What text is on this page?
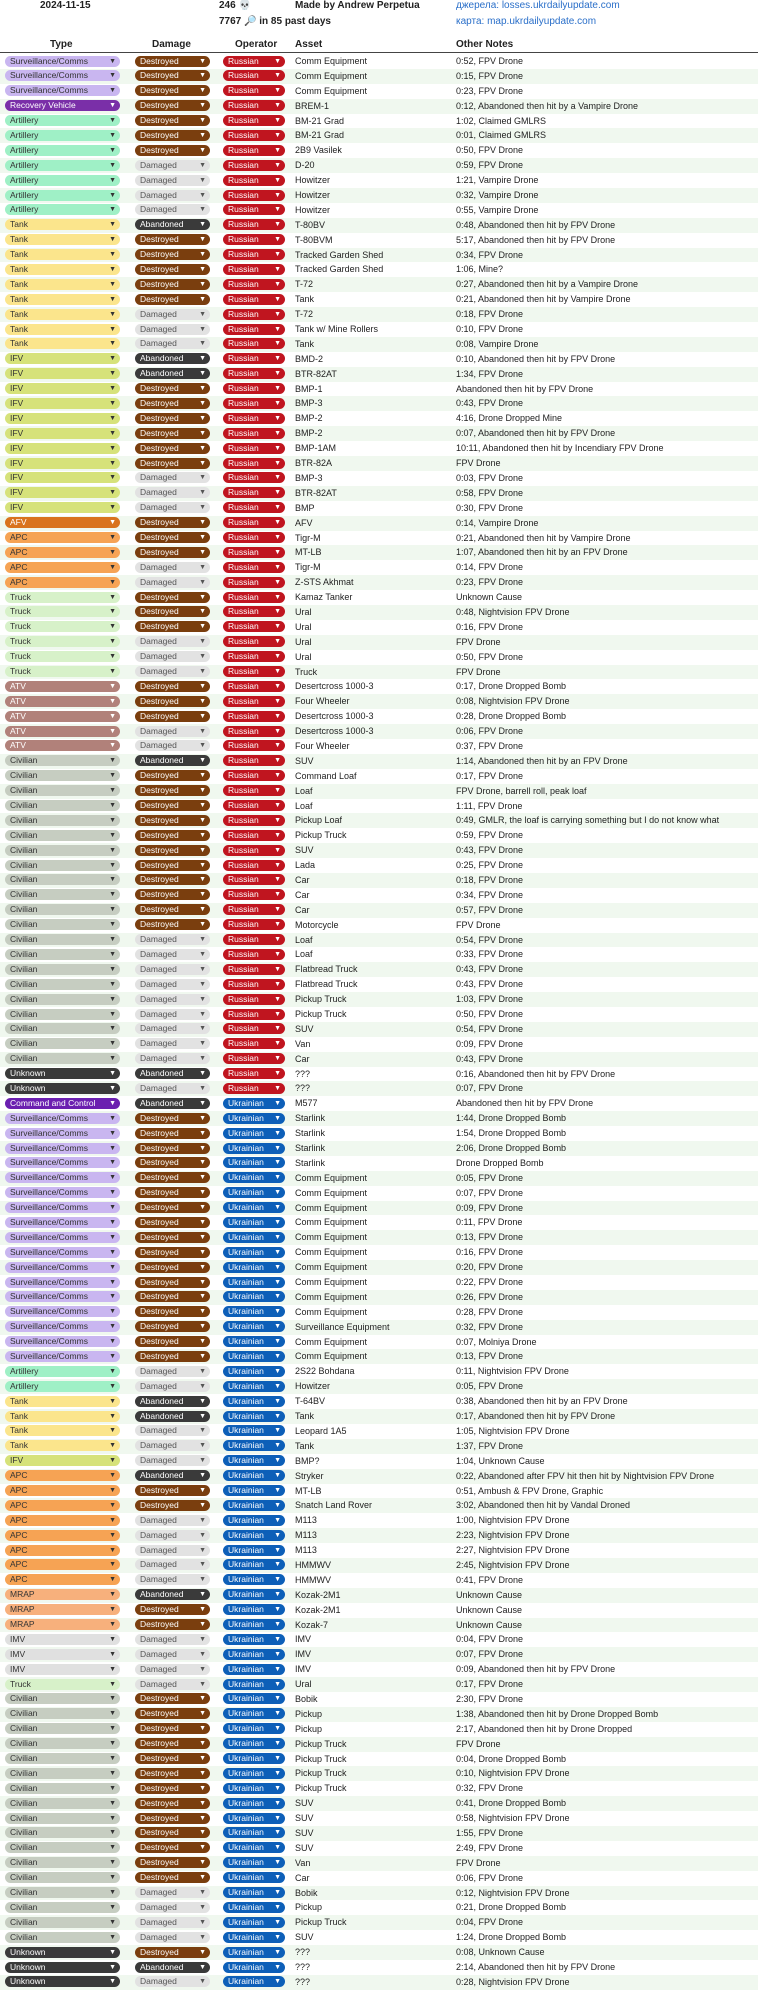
2024-11-15	246 💀
7767 🔎 in 85 past days
Made by Andrew Perpetua	джерела: losses.ukrdailyupdate.com
карта: map.ukrdailyupdate.com
Type	Damage	Operator Asset	Other Notes
Surveillance/Comms	▼	Destroyed	▼	Russian ▼ Comm Equipment	0:52, FPV Drone
Surveillance/Comms	▼	Destroyed	▼	Russian ▼ Comm Equipment	0:15, FPV Drone
Surveillance/Comms	▼	Destroyed	▼	Russian ▼ Comm Equipment	0:23, FPV Drone
Recovery Vehicle	▼	Destroyed	▼	Russian ▼ BREM-1	0:12, Abandoned then hit by a Vampire Drone
Artillery	▼	Destroyed	▼	Russian ▼ BM-21 Grad	1:02, Claimed GMLRS
Artillery	▼	Destroyed	▼	Russian ▼ BM-21 Grad	0:01, Claimed GMLRS
Artillery	▼	Destroyed	▼	Russian ▼ 2B9 Vasilek	0:50, FPV Drone
Artillery	▼	Damaged	▼	Russian ▼ D-20	0:59, FPV Drone
Artillery	▼	Damaged	▼	Russian ▼ Howitzer	1:21, Vampire Drone
Artillery	▼	Damaged	▼	Russian ▼ Howitzer	0:32, Vampire Drone
Artillery	▼	Damaged	▼	Russian ▼ Howitzer	0:55, Vampire Drone
Tank	▼	Abandoned ▼	Russian ▼ T-80BV	0:48, Abandoned then hit by FPV Drone
Tank	▼	Destroyed	▼	Russian ▼ T-80BVM	5:17, Abandoned then hit by FPV Drone
Tank	▼	Destroyed	▼	Russian ▼ Tracked Garden Shed	0:34, FPV Drone
Tank	▼	Destroyed	▼	Russian ▼ Tracked Garden Shed	1:06, Mine?
Tank	▼	Destroyed	▼	Russian ▼ T-72	0:27, Abandoned then hit by a Vampire Drone
Tank	▼	Destroyed	▼	Russian ▼ Tank	0:21, Abandoned then hit by Vampire Drone
Tank	▼	Damaged	▼	Russian ▼ T-72	0:18, FPV Drone
Tank	▼	Damaged	▼	Russian ▼ Tank w/ Mine Rollers	0:10, FPV Drone
Tank	▼	Damaged	▼	Russian ▼ Tank	0:08, Vampire Drone
IFV	▼	Abandoned ▼	Russian ▼ BMD-2	0:10, Abandoned then hit by FPV Drone
IFV	▼	Abandoned ▼	Russian ▼ BTR-82AT	1:34, FPV Drone
IFV	▼	Destroyed	▼	Russian ▼ BMP-1	Abandoned then hit by FPV Drone
IFV	▼	Destroyed	▼	Russian ▼ BMP-3	0:43, FPV Drone
IFV	▼	Destroyed	▼	Russian ▼ BMP-2	4:16, Drone Dropped Mine
IFV	▼	Destroyed	▼	Russian ▼ BMP-2	0:07, Abandoned then hit by FPV Drone
IFV	▼	Destroyed	▼	Russian ▼ BMP-1AM	10:11, Abandoned then hit by Incendiary FPV Drone
IFV	▼	Destroyed	▼	Russian ▼ BTR-82A	FPV Drone
IFV	▼	Damaged	▼	Russian ▼ BMP-3	0:03, FPV Drone
IFV	▼	Damaged	▼	Russian ▼ BTR-82AT	0:58, FPV Drone
IFV	▼	Damaged	▼	Russian ▼ BMP	0:30, FPV Drone
AFV	▼	Destroyed	▼	Russian ▼ AFV	0:14, Vampire Drone
APC	▼	Destroyed	▼	Russian ▼ Tigr-M	0:21, Abandoned then hit by Vampire Drone
APC	▼	Destroyed	▼	Russian ▼ MT-LB	1:07, Abandoned then hit by an FPV Drone
APC	▼	Damaged	▼	Russian ▼ Tigr-M	0:14, FPV Drone
APC	▼	Damaged	▼	Russian ▼ Z-STS Akhmat	0:23, FPV Drone
Truck	▼	Destroyed	▼	Russian ▼ Kamaz Tanker	Unknown Cause
Truck	▼	Destroyed	▼	Russian ▼ Ural	0:48, Nightvision FPV Drone
Truck	▼	Destroyed	▼	Russian ▼ Ural	0:16, FPV Drone
Truck	▼	Damaged	▼	Russian ▼ Ural	FPV Drone
Truck	▼	Damaged	▼	Russian ▼ Ural	0:50, FPV Drone
Truck	▼	Damaged	▼	Russian ▼ Truck	FPV Drone
ATV	▼	Destroyed	▼	Russian ▼ Desertcross 1000-3	0:17, Drone Dropped Bomb
ATV	▼	Destroyed	▼	Russian ▼ Four Wheeler	0:08, Nightvision FPV Drone
ATV	▼	Destroyed	▼	Russian ▼ Desertcross 1000-3	0:28, Drone Dropped Bomb
ATV	▼	Damaged	▼	Russian ▼ Desertcross 1000-3	0:06, FPV Drone
ATV	▼	Damaged	▼	Russian ▼ Four Wheeler	0:37, FPV Drone
Civilian	▼	Abandoned ▼	Russian ▼ SUV	1:14, Abandoned then hit by an FPV Drone
Civilian	▼	Destroyed	▼	Russian ▼ Command Loaf	0:17, FPV Drone
Civilian	▼	Destroyed	▼	Russian ▼ Loaf	FPV Drone, barrell roll, peak loaf
Civilian	▼	Destroyed	▼	Russian ▼ Loaf	1:11, FPV Drone
Civilian	▼	Destroyed	▼	Russian ▼ Pickup Loaf	0:49, GMLR, the loaf is carrying something but I do not know what
Civilian	▼	Destroyed	▼	Russian ▼ Pickup Truck	0:59, FPV Drone
Civilian	▼	Destroyed	▼	Russian ▼ SUV	0:43, FPV Drone
Civilian	▼	Destroyed	▼	Russian ▼ Lada	0:25, FPV Drone
Civilian	▼	Destroyed	▼	Russian ▼ Car	0:18, FPV Drone
Civilian	▼	Destroyed	▼	Russian ▼ Car	0:34, FPV Drone
Civilian	▼	Destroyed	▼	Russian ▼ Car	0:57, FPV Drone
Civilian	▼	Destroyed	▼	Russian ▼ Motorcycle	FPV Drone
Civilian	▼	Damaged	▼	Russian ▼ Loaf	0:54, FPV Drone
Civilian	▼	Damaged	▼	Russian ▼ Loaf	0:33, FPV Drone
Civilian	▼	Damaged	▼	Russian ▼ Flatbread Truck	0:43, FPV Drone
Civilian	▼	Damaged	▼	Russian ▼ Flatbread Truck	0:43, FPV Drone
Civilian	▼	Damaged	▼	Russian ▼ Pickup Truck	1:03, FPV Drone
Civilian	▼	Damaged	▼	Russian ▼ Pickup Truck	0:50, FPV Drone
Civilian	▼	Damaged	▼	Russian ▼ SUV	0:54, FPV Drone
Civilian	▼	Damaged	▼	Russian ▼ Van	0:09, FPV Drone
Civilian	▼	Damaged	▼	Russian ▼ Car	0:43, FPV Drone
Unknown	▼	Abandoned ▼	Russian ▼ ???	0:16, Abandoned then hit by FPV Drone
Unknown	▼	Damaged	▼	Russian ▼ ???	0:07, FPV Drone
Command and Control ▼	Abandoned ▼	Ukrainian ▼ M577	Abandoned then hit by FPV Drone
Surveillance/Comms	▼	Destroyed	▼	Ukrainian ▼ Starlink	1:44, Drone Dropped Bomb
Surveillance/Comms	▼	Destroyed	▼	Ukrainian ▼ Starlink	1:54, Drone Dropped Bomb
Surveillance/Comms	▼	Destroyed	▼	Ukrainian ▼ Starlink	2:06, Drone Dropped Bomb
Surveillance/Comms	▼	Destroyed	▼	Ukrainian ▼ Starlink	Drone Dropped Bomb
Surveillance/Comms	▼	Destroyed	▼	Ukrainian ▼ Comm Equipment	0:05, FPV Drone
Surveillance/Comms	▼	Destroyed	▼	Ukrainian ▼ Comm Equipment	0:07, FPV Drone
Surveillance/Comms	▼	Destroyed	▼	Ukrainian ▼ Comm Equipment	0:09, FPV Drone
Surveillance/Comms	▼	Destroyed	▼	Ukrainian ▼ Comm Equipment	0:11, FPV Drone
Surveillance/Comms	▼	Destroyed	▼	Ukrainian ▼ Comm Equipment	0:13, FPV Drone
Surveillance/Comms	▼	Destroyed	▼	Ukrainian ▼ Comm Equipment	0:16, FPV Drone
Surveillance/Comms	▼	Destroyed	▼	Ukrainian ▼ Comm Equipment	0:20, FPV Drone
Surveillance/Comms	▼	Destroyed	▼	Ukrainian ▼ Comm Equipment	0:22, FPV Drone
Surveillance/Comms	▼	Destroyed	▼	Ukrainian ▼ Comm Equipment	0:26, FPV Drone
Surveillance/Comms	▼	Destroyed	▼	Ukrainian ▼ Comm Equipment	0:28, FPV Drone
Surveillance/Comms	▼	Destroyed	▼	Ukrainian ▼ Surveillance Equipment	0:32, FPV Drone
Surveillance/Comms	▼	Destroyed	▼	Ukrainian ▼ Comm Equipment	0:07, Molniya Drone
Surveillance/Comms	▼	Destroyed	▼	Ukrainian ▼ Comm Equipment	0:13, FPV Drone
Artillery	▼	Damaged	▼	Ukrainian ▼ 2S22 Bohdana	0:11, Nightvision FPV Drone
Artillery	▼	Damaged	▼	Ukrainian ▼ Howitzer	0:05, FPV Drone
Tank	▼	Abandoned ▼	Ukrainian ▼ T-64BV	0:38, Abandoned then hit by an FPV Drone
Tank	▼	Abandoned ▼	Ukrainian ▼ Tank	0:17, Abandoned then hit by FPV Drone
Tank	▼	Damaged	▼	Ukrainian ▼ Leopard 1A5	1:05, Nightvision FPV Drone
Tank	▼	Damaged	▼	Ukrainian ▼ Tank	1:37, FPV Drone
IFV	▼	Damaged	▼	Ukrainian ▼ BMP?	1:04, Unknown Cause
APC	▼	Abandoned ▼	Ukrainian ▼ Stryker	0:22, Abandoned after FPV hit then hit by Nightvision FPV Drone
APC	▼	Destroyed	▼	Ukrainian ▼ MT-LB	0:51, Ambush & FPV Drone, Graphic
APC	▼	Destroyed	▼	Ukrainian ▼ Snatch Land Rover	3:02, Abandoned then hit by Vandal Droned
APC	▼	Damaged	▼	Ukrainian ▼ M113	1:00, Nightvision FPV Drone
APC	▼	Damaged	▼	Ukrainian ▼ M113	2:23, Nightvision FPV Drone
APC	▼	Damaged	▼	Ukrainian ▼ M113	2:27, Nightvision FPV Drone
APC	▼	Damaged	▼	Ukrainian ▼ HMMWV	2:45, Nightvision FPV Drone
APC	▼	Damaged	▼	Ukrainian ▼ HMMWV	0:41, FPV Drone
MRAP	▼	Abandoned ▼	Ukrainian ▼ Kozak-2M1	Unknown Cause
MRAP	▼	Destroyed	▼	Ukrainian ▼ Kozak-2M1	Unknown Cause
MRAP	▼	Destroyed	▼	Ukrainian ▼ Kozak-7	Unknown Cause
IMV	▼	Damaged	▼	Ukrainian ▼ IMV	0:04, FPV Drone
IMV	▼	Damaged	▼	Ukrainian ▼ IMV	0:07, FPV Drone
IMV	▼	Damaged	▼	Ukrainian ▼ IMV	0:09, Abandoned then hit by FPV Drone
Truck	▼	Damaged	▼	Ukrainian ▼ Ural	0:17, FPV Drone
Civilian	▼	Destroyed	▼	Ukrainian ▼ Bobik	2:30, FPV Drone
Civilian	▼	Destroyed	▼	Ukrainian ▼ Pickup	1:38, Abandoned then hit by Drone Dropped Bomb
Civilian	▼	Destroyed	▼	Ukrainian ▼ Pickup	2:17, Abandoned then hit by Drone Dropped
Civilian	▼	Destroyed	▼	Ukrainian ▼ Pickup Truck	FPV Drone
Civilian	▼	Destroyed	▼	Ukrainian ▼ Pickup Truck	0:04, Drone Dropped Bomb
Civilian	▼	Destroyed	▼	Ukrainian ▼ Pickup Truck	0:10, Nightvision FPV Drone
Civilian	▼	Destroyed	▼	Ukrainian ▼ Pickup Truck	0:32, FPV Drone
Civilian	▼	Destroyed	▼	Ukrainian ▼ SUV	0:41, Drone Dropped Bomb
Civilian	▼	Destroyed	▼	Ukrainian ▼ SUV	0:58, Nightvision FPV Drone
Civilian	▼	Destroyed	▼	Ukrainian ▼ SUV	1:55, FPV Drone
Civilian	▼	Destroyed	▼	Ukrainian ▼ SUV	2:49, FPV Drone
Civilian	▼	Destroyed	▼	Ukrainian ▼ Van	FPV Drone
Civilian	▼	Destroyed	▼	Ukrainian ▼ Car	0:06, FPV Drone
Civilian	▼	Damaged	▼	Ukrainian ▼ Bobik	0:12, Nightvision FPV Drone
Civilian	▼	Damaged	▼	Ukrainian ▼ Pickup	0:21, Drone Dropped Bomb
Civilian	▼	Damaged	▼	Ukrainian ▼ Pickup Truck	0:04, FPV Drone
Civilian	▼	Damaged	▼	Ukrainian ▼ SUV	1:24, Drone Dropped Bomb
Unknown	▼	Destroyed	▼	Ukrainian ▼ ???	0:08, Unknown Cause
Unknown	▼	Abandoned ▼	Ukrainian ▼ ???	2:14, Abandoned then hit by FPV Drone
Unknown	▼	Damaged	▼	Ukrainian ▼ ???	0:28, Nightvision FPV Drone
